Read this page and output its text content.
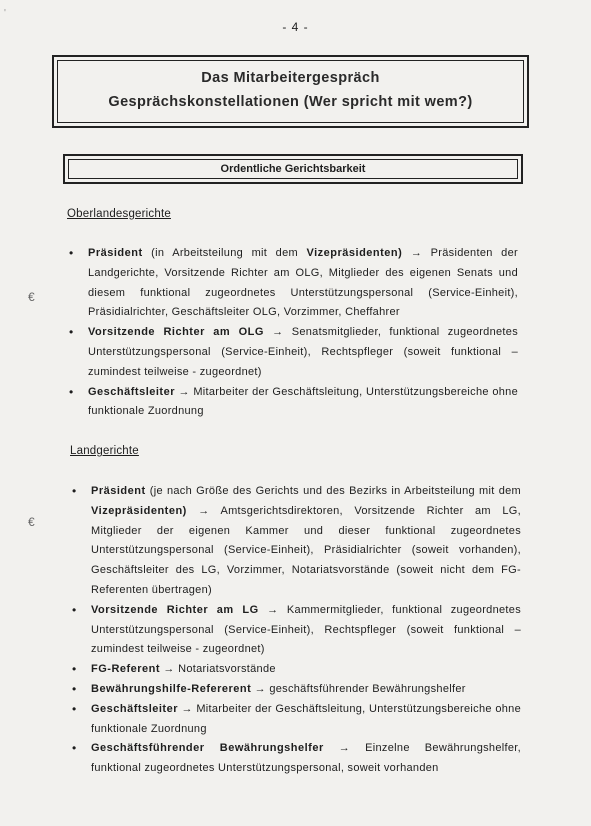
'
- 4 -
Das Mitarbeitergespräch
Gesprächskonstellationen (Wer spricht mit wem?)
Ordentliche Gerichtsbarkeit
€
€
Oberlandesgerichte
• Präsident (in Arbeitsteilung mit dem Vizepräsidenten) → Präsidenten der Landgerichte, Vorsitzende Richter am OLG, Mitglieder des eigenen Senats und diesem funktional zugeordnetes Unterstützungspersonal (Service-Einheit), Präsidialrichter, Geschäftsleiter OLG, Vorzimmer, Cheffahrer
• Vorsitzende Richter am OLG → Senatsmitglieder, funktional zugeordnetes Unterstützungspersonal (Service-Einheit), Rechtspfleger (soweit funktional – zumindest teilweise - zugeordnet)
• Geschäftsleiter → Mitarbeiter der Geschäftsleitung, Unterstützungsbereiche ohne funktionale Zuordnung
Landgerichte
• Präsident (je nach Größe des Gerichts und des Bezirks in Arbeitsteilung mit dem Vizepräsidenten) → Amtsgerichtsdirektoren, Vorsitzende Richter am LG, Mitglieder der eigenen Kammer und dieser funktional zugeordnetes Unterstützungspersonal (Service-Einheit), Präsidialrichter (soweit vorhanden), Geschäftsleiter des LG, Vorzimmer, Notariatsvorstände (soweit nicht dem FG-Referenten übertragen)
• Vorsitzende Richter am LG → Kammermitglieder, funktional zugeordnetes Unterstützungspersonal (Service-Einheit), Rechtspfleger (soweit funktional – zumindest teilweise - zugeordnet)
• FG-Referent → Notariatsvorstände
• Bewährungshilfe-Refererent → geschäftsführender Bewährungshelfer
• Geschäftsleiter → Mitarbeiter der Geschäftsleitung, Unterstützungsbereiche ohne funktionale Zuordnung
• Geschäftsführender Bewährungshelfer → Einzelne Bewährungshelfer, funktional zugeordnetes Unterstützungspersonal, soweit vorhanden
